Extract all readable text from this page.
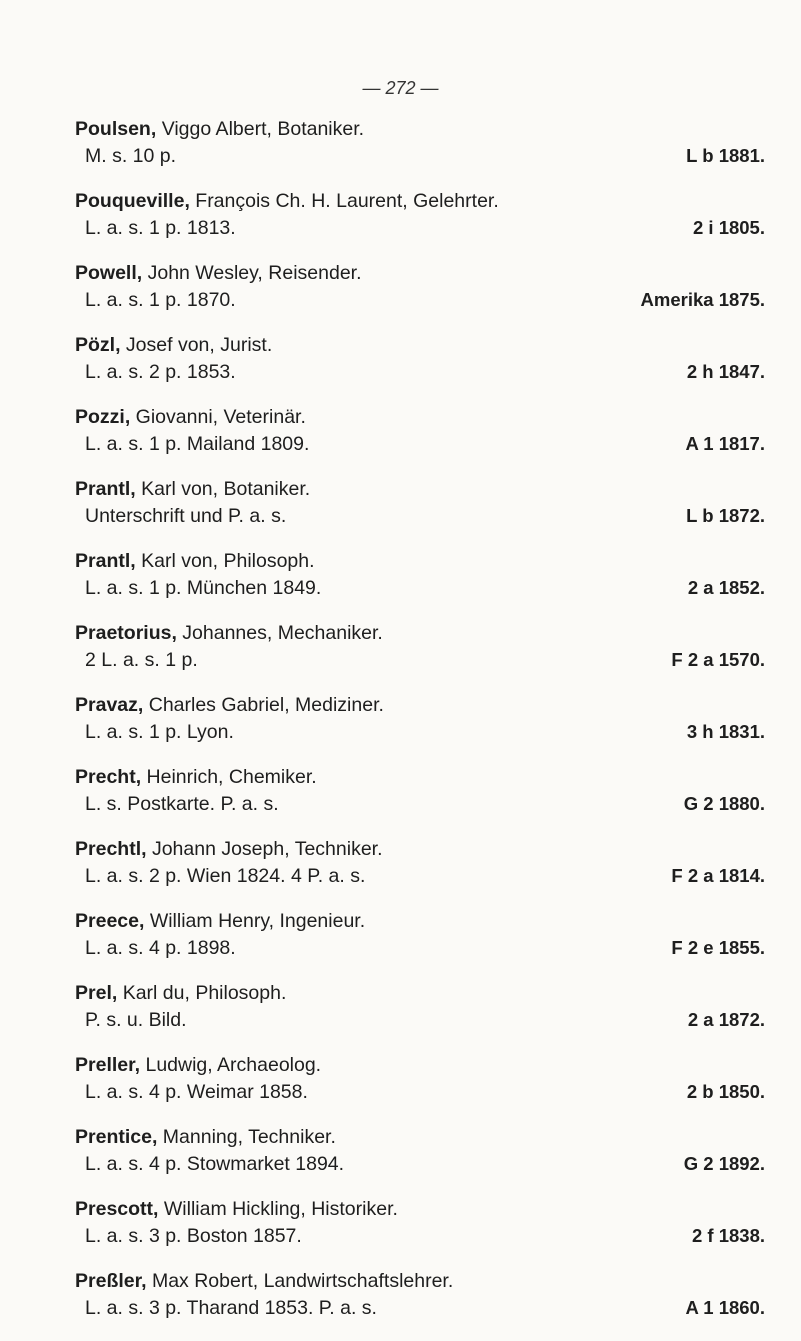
— 272 —
Poulsen, Viggo Albert, Botaniker.
M. s. 10 p.	L b 1881.
Pouqueville, François Ch. H. Laurent, Gelehrter.
L. a. s. 1 p. 1813.	2 i 1805.
Powell, John Wesley, Reisender.
L. a. s. 1 p. 1870.	Amerika 1875.
Pözl, Josef von, Jurist.
L. a. s. 2 p. 1853.	2 h 1847.
Pozzi, Giovanni, Veterinär.
L. a. s. 1 p. Mailand 1809.	A 1 1817.
Prantl, Karl von, Botaniker.
Unterschrift und P. a. s.	L b 1872.
Prantl, Karl von, Philosoph.
L. a. s. 1 p. München 1849.	2 a 1852.
Praetorius, Johannes, Mechaniker.
2 L. a. s. 1 p.	F 2 a 1570.
Pravaz, Charles Gabriel, Mediziner.
L. a. s. 1 p. Lyon.	3 h 1831.
Precht, Heinrich, Chemiker.
L. s. Postkarte. P. a. s.	G 2 1880.
Prechtl, Johann Joseph, Techniker.
L. a. s. 2 p. Wien 1824. 4 P. a. s.	F 2 a 1814.
Preece, William Henry, Ingenieur.
L. a. s. 4 p. 1898.	F 2 e 1855.
Prel, Karl du, Philosoph.
P. s. u. Bild.	2 a 1872.
Preller, Ludwig, Archaeolog.
L. a. s. 4 p. Weimar 1858.	2 b 1850.
Prentice, Manning, Techniker.
L. a. s. 4 p. Stowmarket 1894.	G 2 1892.
Prescott, William Hickling, Historiker.
L. a. s. 3 p. Boston 1857.	2 f 1838.
Preßler, Max Robert, Landwirtschaftslehrer.
L. a. s. 3 p. Tharand 1853. P. a. s.	A 1 1860.
